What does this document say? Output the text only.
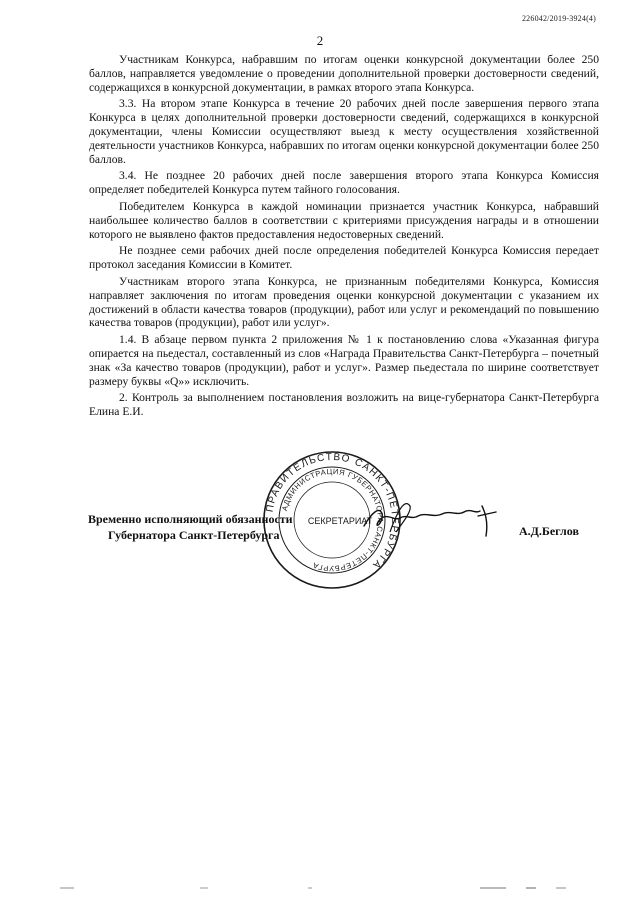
226042/2019-3924(4)
2

Участникам Конкурса, набравшим по итогам оценки конкурсной документации более 250 баллов, направляется уведомление о проведении дополнительной проверки достоверности сведений, содержащихся в конкурсной документации, в рамках второго этапа Конкурса.

3.3. На втором этапе Конкурса в течение 20 рабочих дней после завершения первого этапа Конкурса в целях дополнительной проверки достоверности сведений, содержащихся в конкурсной документации, члены Комиссии осуществляют выезд к месту осуществления хозяйственной деятельности участников Конкурса, набравших по итогам оценки конкурсной документации более 250 баллов.

3.4. Не позднее 20 рабочих дней после завершения второго этапа Конкурса Комиссия определяет победителей Конкурса путем тайного голосования.

Победителем Конкурса в каждой номинации признается участник Конкурса, набравший наибольшее количество баллов в соответствии с критериями присуждения награды и в отношении которого не выявлено фактов предоставления недостоверных сведений.

Не позднее семи рабочих дней после определения победителей Конкурса Комиссия передает протокол заседания Комиссии в Комитет.

Участникам второго этапа Конкурса, не признанным победителями Конкурса, Комиссия направляет заключения по итогам проведения оценки конкурсной документации с указанием их достижений в области качества товаров (продукции), работ или услуг и рекомендаций по повышению качества товаров (продукции), работ или услуг».

1.4. В абзаце первом пункта 2 приложения № 1 к постановлению слова «Указанная фигура опирается на пьедестал, составленный из слов «Награда Правительства Санкт-Петербурга – почетный знак «За качество товаров (продукции), работ и услуг». Размер пьедестала по ширине соответствует размеру буквы «Q»» исключить.

2. Контроль за выполнением постановления возложить на вице-губернатора Санкт-Петербурга Елина Е.И.

ПРАВИТЕЛЬСТВО САНКТ-ПЕТЕРБУРГА
АДМИНИСТРАЦИЯ ГУБЕРНАТОРА САНКТ-ПЕТЕРБУРГА
СЕКРЕТАРИАТ
Временно исполняющий обязанности
Губернатора Санкт-Петербурга	А.Д.Беглов
